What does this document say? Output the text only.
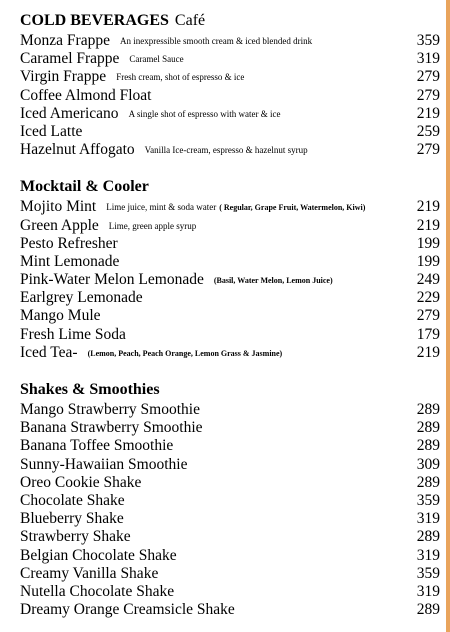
COLD BEVERAGES Café
Monza Frappe An inexpressible smooth cream & iced blended drink	359
Caramel Frappe Caramel Sauce	319
Virgin Frappe Fresh cream, shot of espresso & ice	279
Coffee Almond Float	279
Iced Americano A single shot of espresso with water & ice	219
Iced Latte	259
Hazelnut Affogato Vanilla Ice-cream, espresso & hazelnut syrup	279
Mocktail & Cooler
Mojito Mint Lime juice, mint & soda water ( Regular, Grape Fruit, Watermelon, Kiwi)	219
Green Apple Lime, green apple syrup	219
Pesto Refresher	199
Mint Lemonade	199
Pink-Water Melon Lemonade (Basil, Water Melon, Lemon Juice)	249
Earlgrey Lemonade	229
Mango Mule	279
Fresh Lime Soda	179
Iced Tea- (Lemon, Peach, Peach Orange, Lemon Grass & Jasmine)	219
Shakes & Smoothies
Mango Strawberry Smoothie	289
Banana Strawberry Smoothie	289
Banana Toffee Smoothie	289
Sunny-Hawaiian Smoothie	309
Oreo Cookie Shake	289
Chocolate Shake	359
Blueberry Shake	319
Strawberry Shake	289
Belgian Chocolate Shake	319
Creamy Vanilla Shake	359
Nutella Chocolate Shake	319
Dreamy Orange Creamsicle Shake	289
